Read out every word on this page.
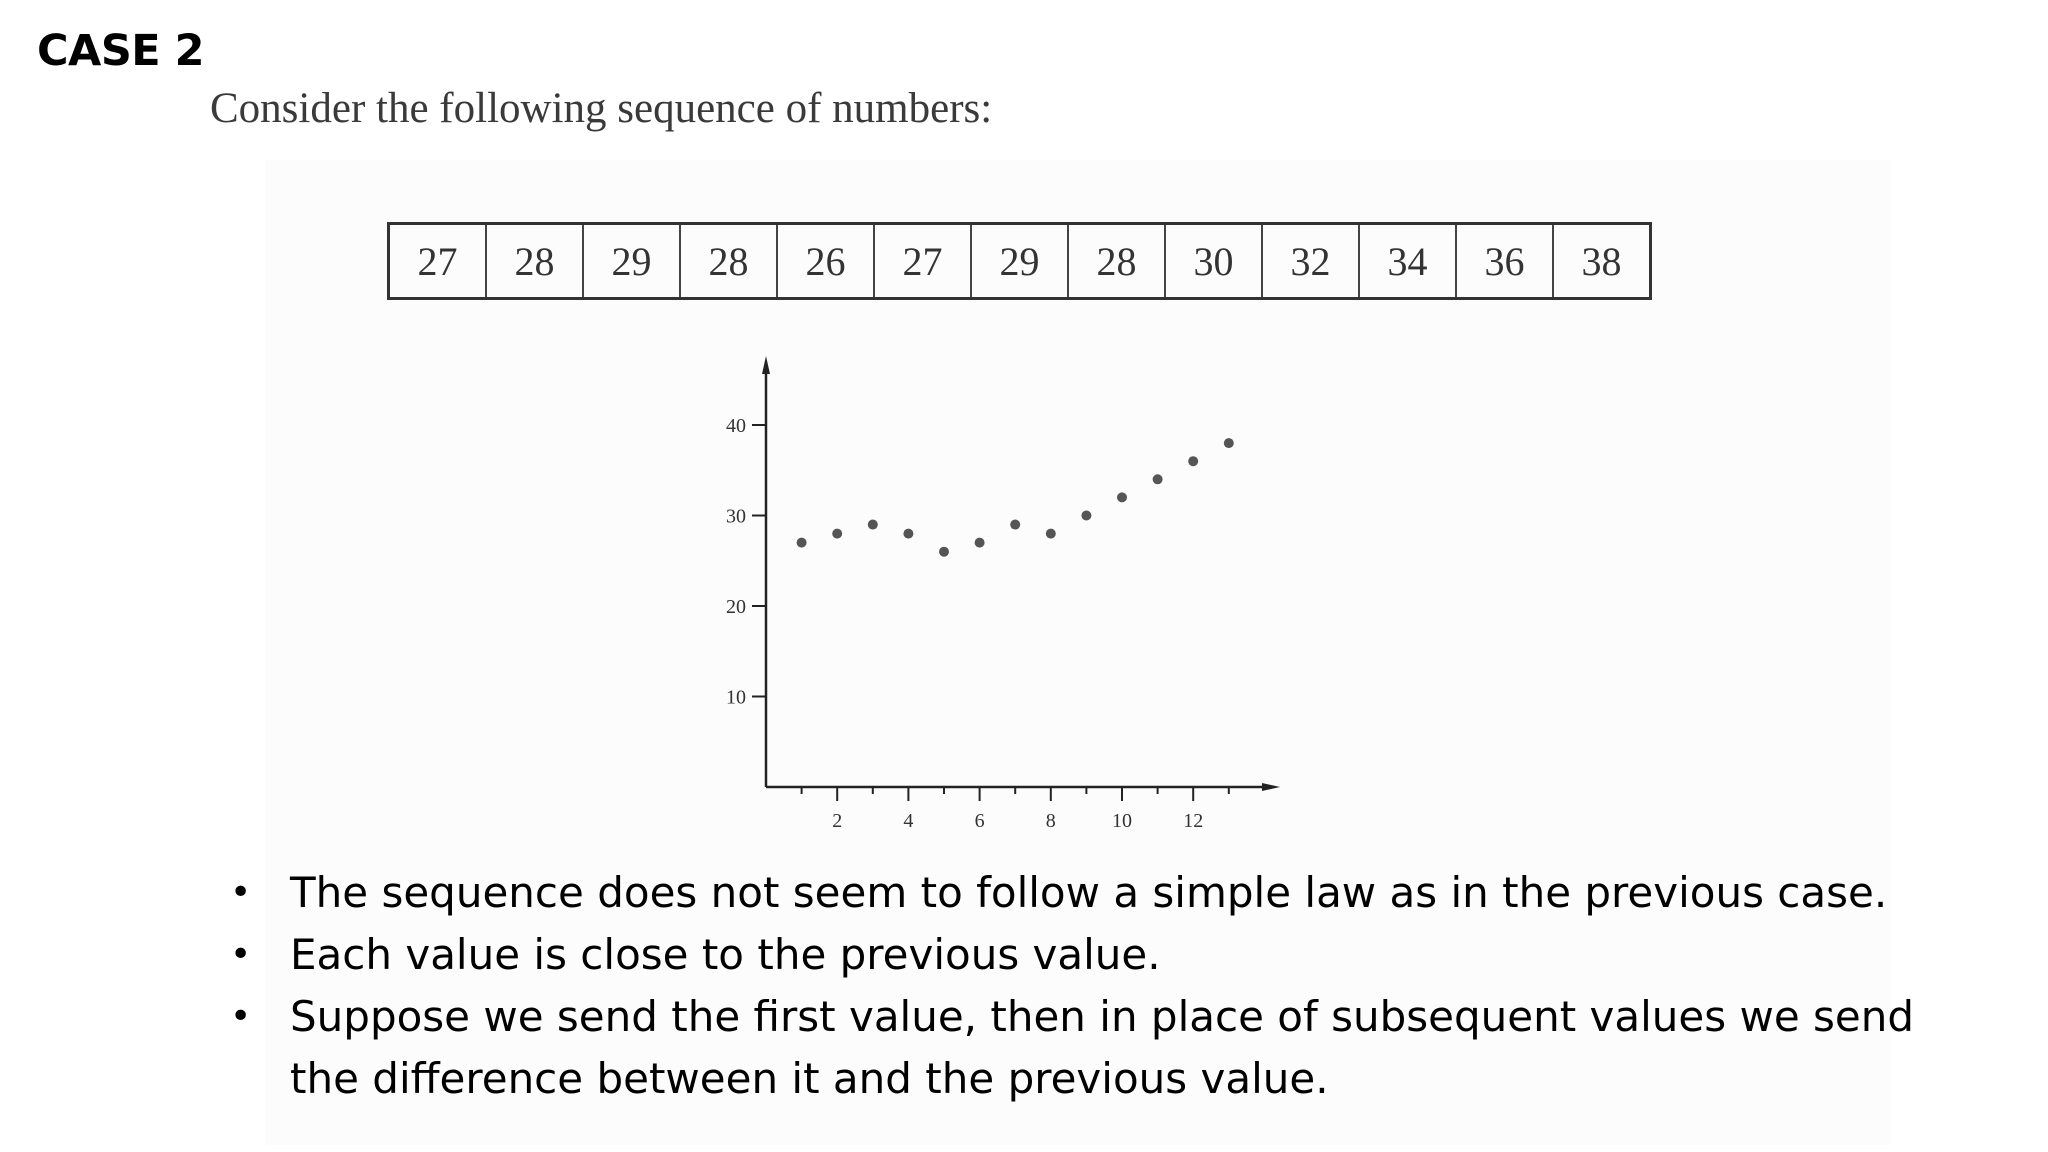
CASE 2
Consider the following sequence of numbers:
27	28	29	28	26	27	29	28	30	32	34	36	38
10
20
30
40
2	4	6	8	10	12
• The sequence does not seem to follow a simple law as in the previous case.
• Each value is close to the previous value.
• Suppose we send the first value, then in place of subsequent values we send the difference between it and the previous value.
